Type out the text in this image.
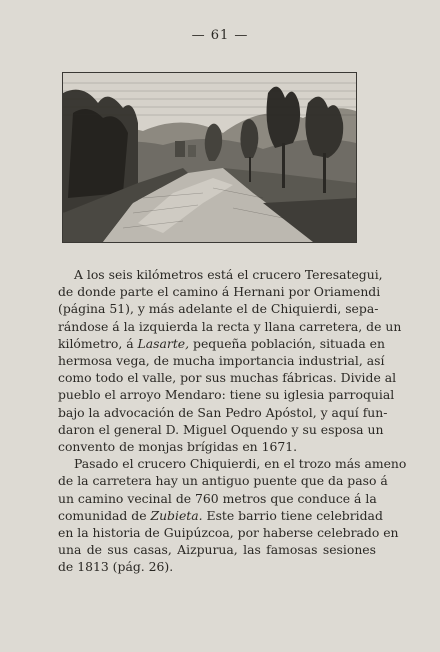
— 61 —
A los seis kilómetros está el crucero Teresategui,
de donde parte el camino á Hernani por Oriamendi
(página 51), y más adelante el de Chiquierdi, sepa-
rándose á la izquierda la recta y llana carretera, de un
kilómetro, á Lasarte, pequeña población, situada en
hermosa vega, de mucha importancia industrial, así
como todo el valle, por sus muchas fábricas. Divide al
pueblo el arroyo Mendaro: tiene su iglesia parroquial
bajo la advocación de San Pedro Apóstol, y aquí fun-
daron el general D. Miguel Oquendo y su esposa un
convento de monjas brígidas en 1671.
Pasado el crucero Chiquierdi, en el trozo más ameno
de la carretera hay un antiguo puente que da paso á
un camino vecinal de 760 metros que conduce á la
comunidad de Zubieta. Este barrio tiene celebridad
en la historia de Guipúzcoa, por haberse celebrado en
una de sus casas, Aizpurua, las famosas sesiones
de 1813 (pág. 26).
